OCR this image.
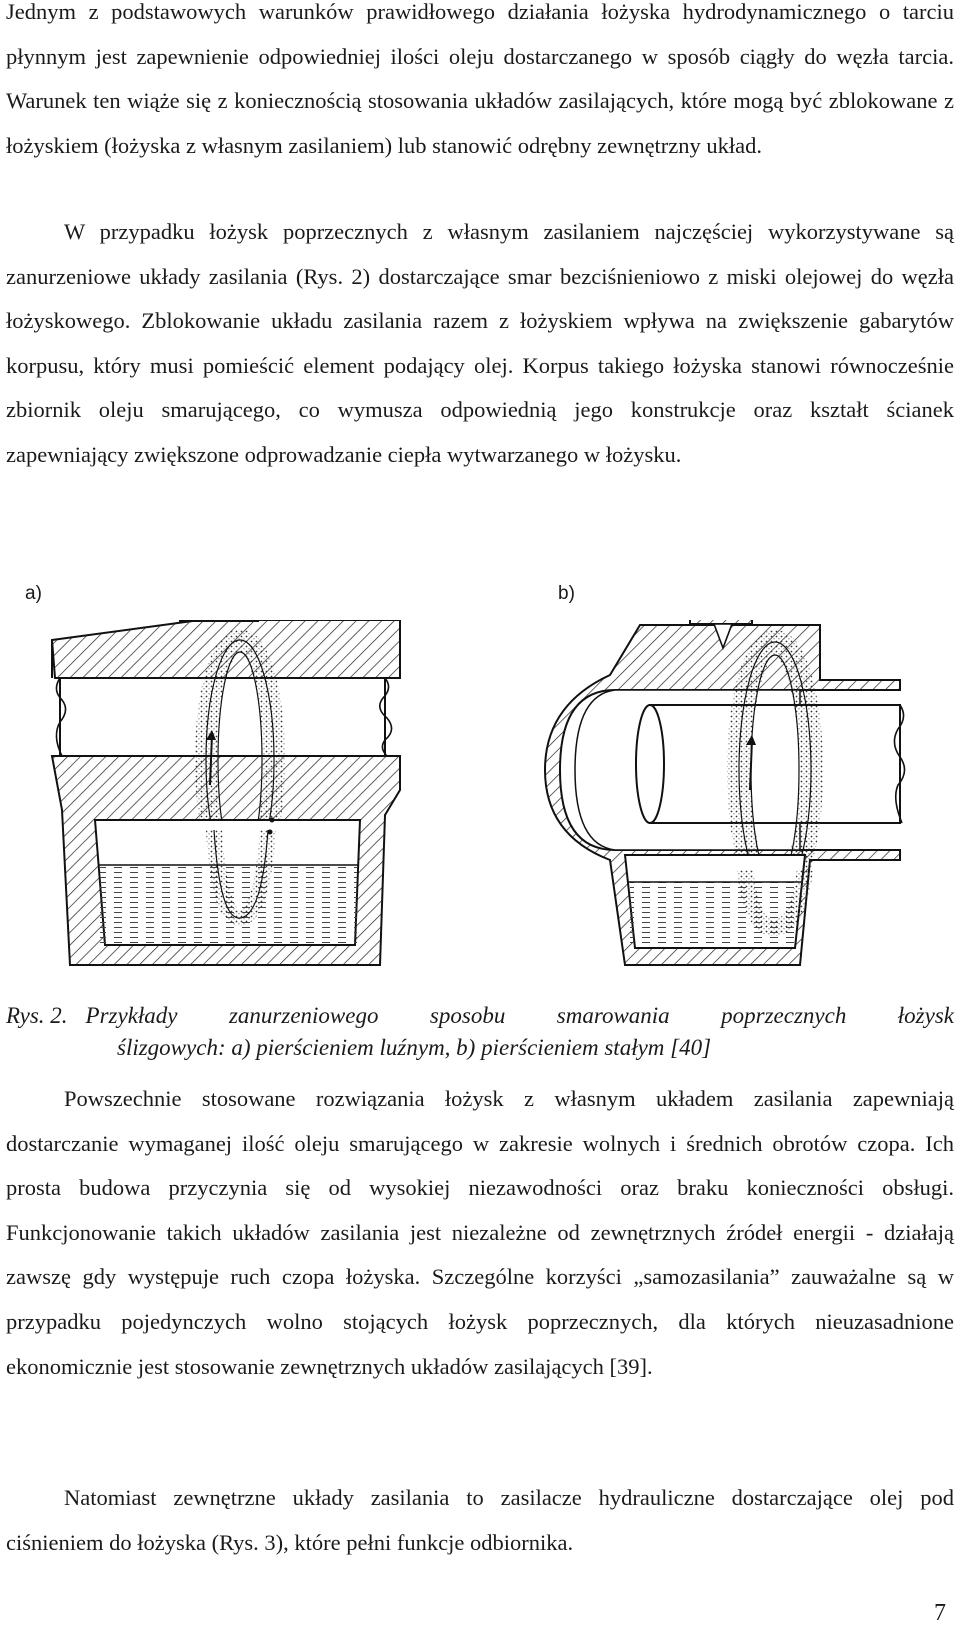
Jednym z podstawowych warunków prawidłowego działania łożyska hydrodynamicznego o tarciu płynnym jest zapewnienie odpowiedniej ilości oleju dostarczanego w sposób ciągły do węzła tarcia. Warunek ten wiąże się z koniecznością stosowania układów zasilających, które mogą być zblokowane z łożyskiem (łożyska z własnym zasilaniem) lub stanowić odrębny zewnętrzny układ.

W przypadku łożysk poprzecznych z własnym zasilaniem najczęściej wykorzystywane są zanurzeniowe układy zasilania (Rys. 2) dostarczające smar bezciśnieniowo z miski olejowej do węzła łożyskowego. Zblokowanie układu zasilania razem z łożyskiem wpływa na zwiększenie gabarytów korpusu, który musi pomieścić element podający olej. Korpus takiego łożyska stanowi równocześnie zbiornik oleju smarującego, co wymusza odpowiednią jego konstrukcje oraz kształt ścianek zapewniający zwiększone odprowadzanie ciepła wytwarzanego w łożysku.

a)	b)
Rys. 2. Przykłady zanurzeniowego sposobu smarowania poprzecznych łożysk
ślizgowych: a) pierścieniem luźnym, b) pierścieniem stałym [40]

Powszechnie stosowane rozwiązania łożysk z własnym układem zasilania zapewniają dostarczanie wymaganej ilość oleju smarującego w zakresie wolnych i średnich obrotów czopa. Ich prosta budowa przyczynia się od wysokiej niezawodności oraz braku konieczności obsługi. Funkcjonowanie takich układów zasilania jest niezależne od zewnętrznych źródeł energii - działają zawszę gdy występuje ruch czopa łożyska. Szczególne korzyści „samozasilania” zauważalne są w przypadku pojedynczych wolno stojących łożysk poprzecznych, dla których nieuzasadnione ekonomicznie jest stosowanie zewnętrznych układów zasilających [39].

Natomiast zewnętrzne układy zasilania to zasilacze hydrauliczne dostarczające olej pod ciśnieniem do łożyska (Rys. 3), które pełni funkcje odbiornika.

7
